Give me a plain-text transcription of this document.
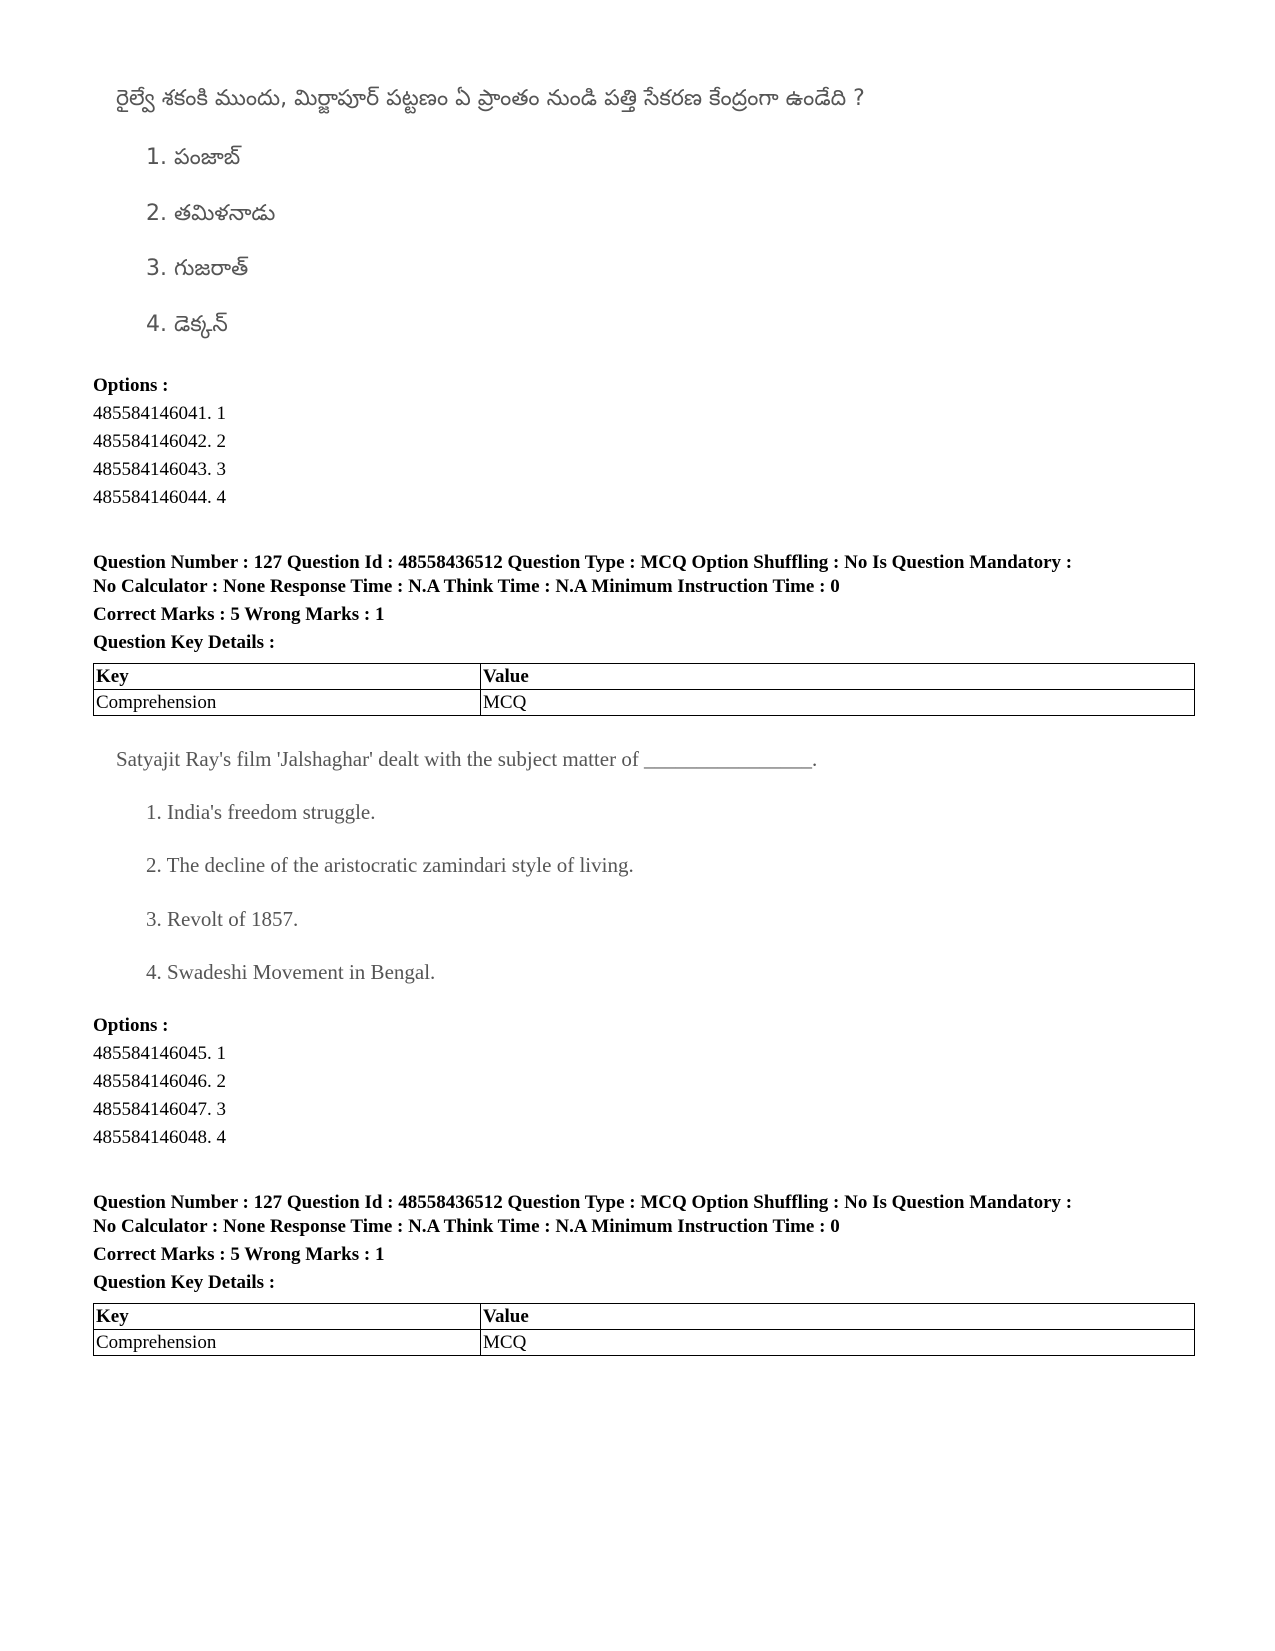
రైల్వే శకంకి ముందు, మిర్జాపూర్ పట్టణం ఏ ప్రాంతం నుండి పత్తి సేకరణ కేంద్రంగా ఉండేది ?
1. పంజాబ్
2. తమిళనాడు
3. గుజరాత్
4. డెక్కన్
Options :
485584146041. 1
485584146042. 2
485584146043. 3
485584146044. 4
Question Number : 127 Question Id : 48558436512 Question Type : MCQ Option Shuffling : No Is Question Mandatory :
No Calculator : None Response Time : N.A Think Time : N.A Minimum Instruction Time : 0
Correct Marks : 5 Wrong Marks : 1
Question Key Details :
Key	Value
Comprehension	MCQ
Satyajit Ray's film 'Jalshaghar' dealt with the subject matter of ________________.
1. India's freedom struggle.
2. The decline of the aristocratic zamindari style of living.
3. Revolt of 1857.
4. Swadeshi Movement in Bengal.
Options :
485584146045. 1
485584146046. 2
485584146047. 3
485584146048. 4
Question Number : 127 Question Id : 48558436512 Question Type : MCQ Option Shuffling : No Is Question Mandatory :
No Calculator : None Response Time : N.A Think Time : N.A Minimum Instruction Time : 0
Correct Marks : 5 Wrong Marks : 1
Question Key Details :
Key	Value
Comprehension	MCQ
